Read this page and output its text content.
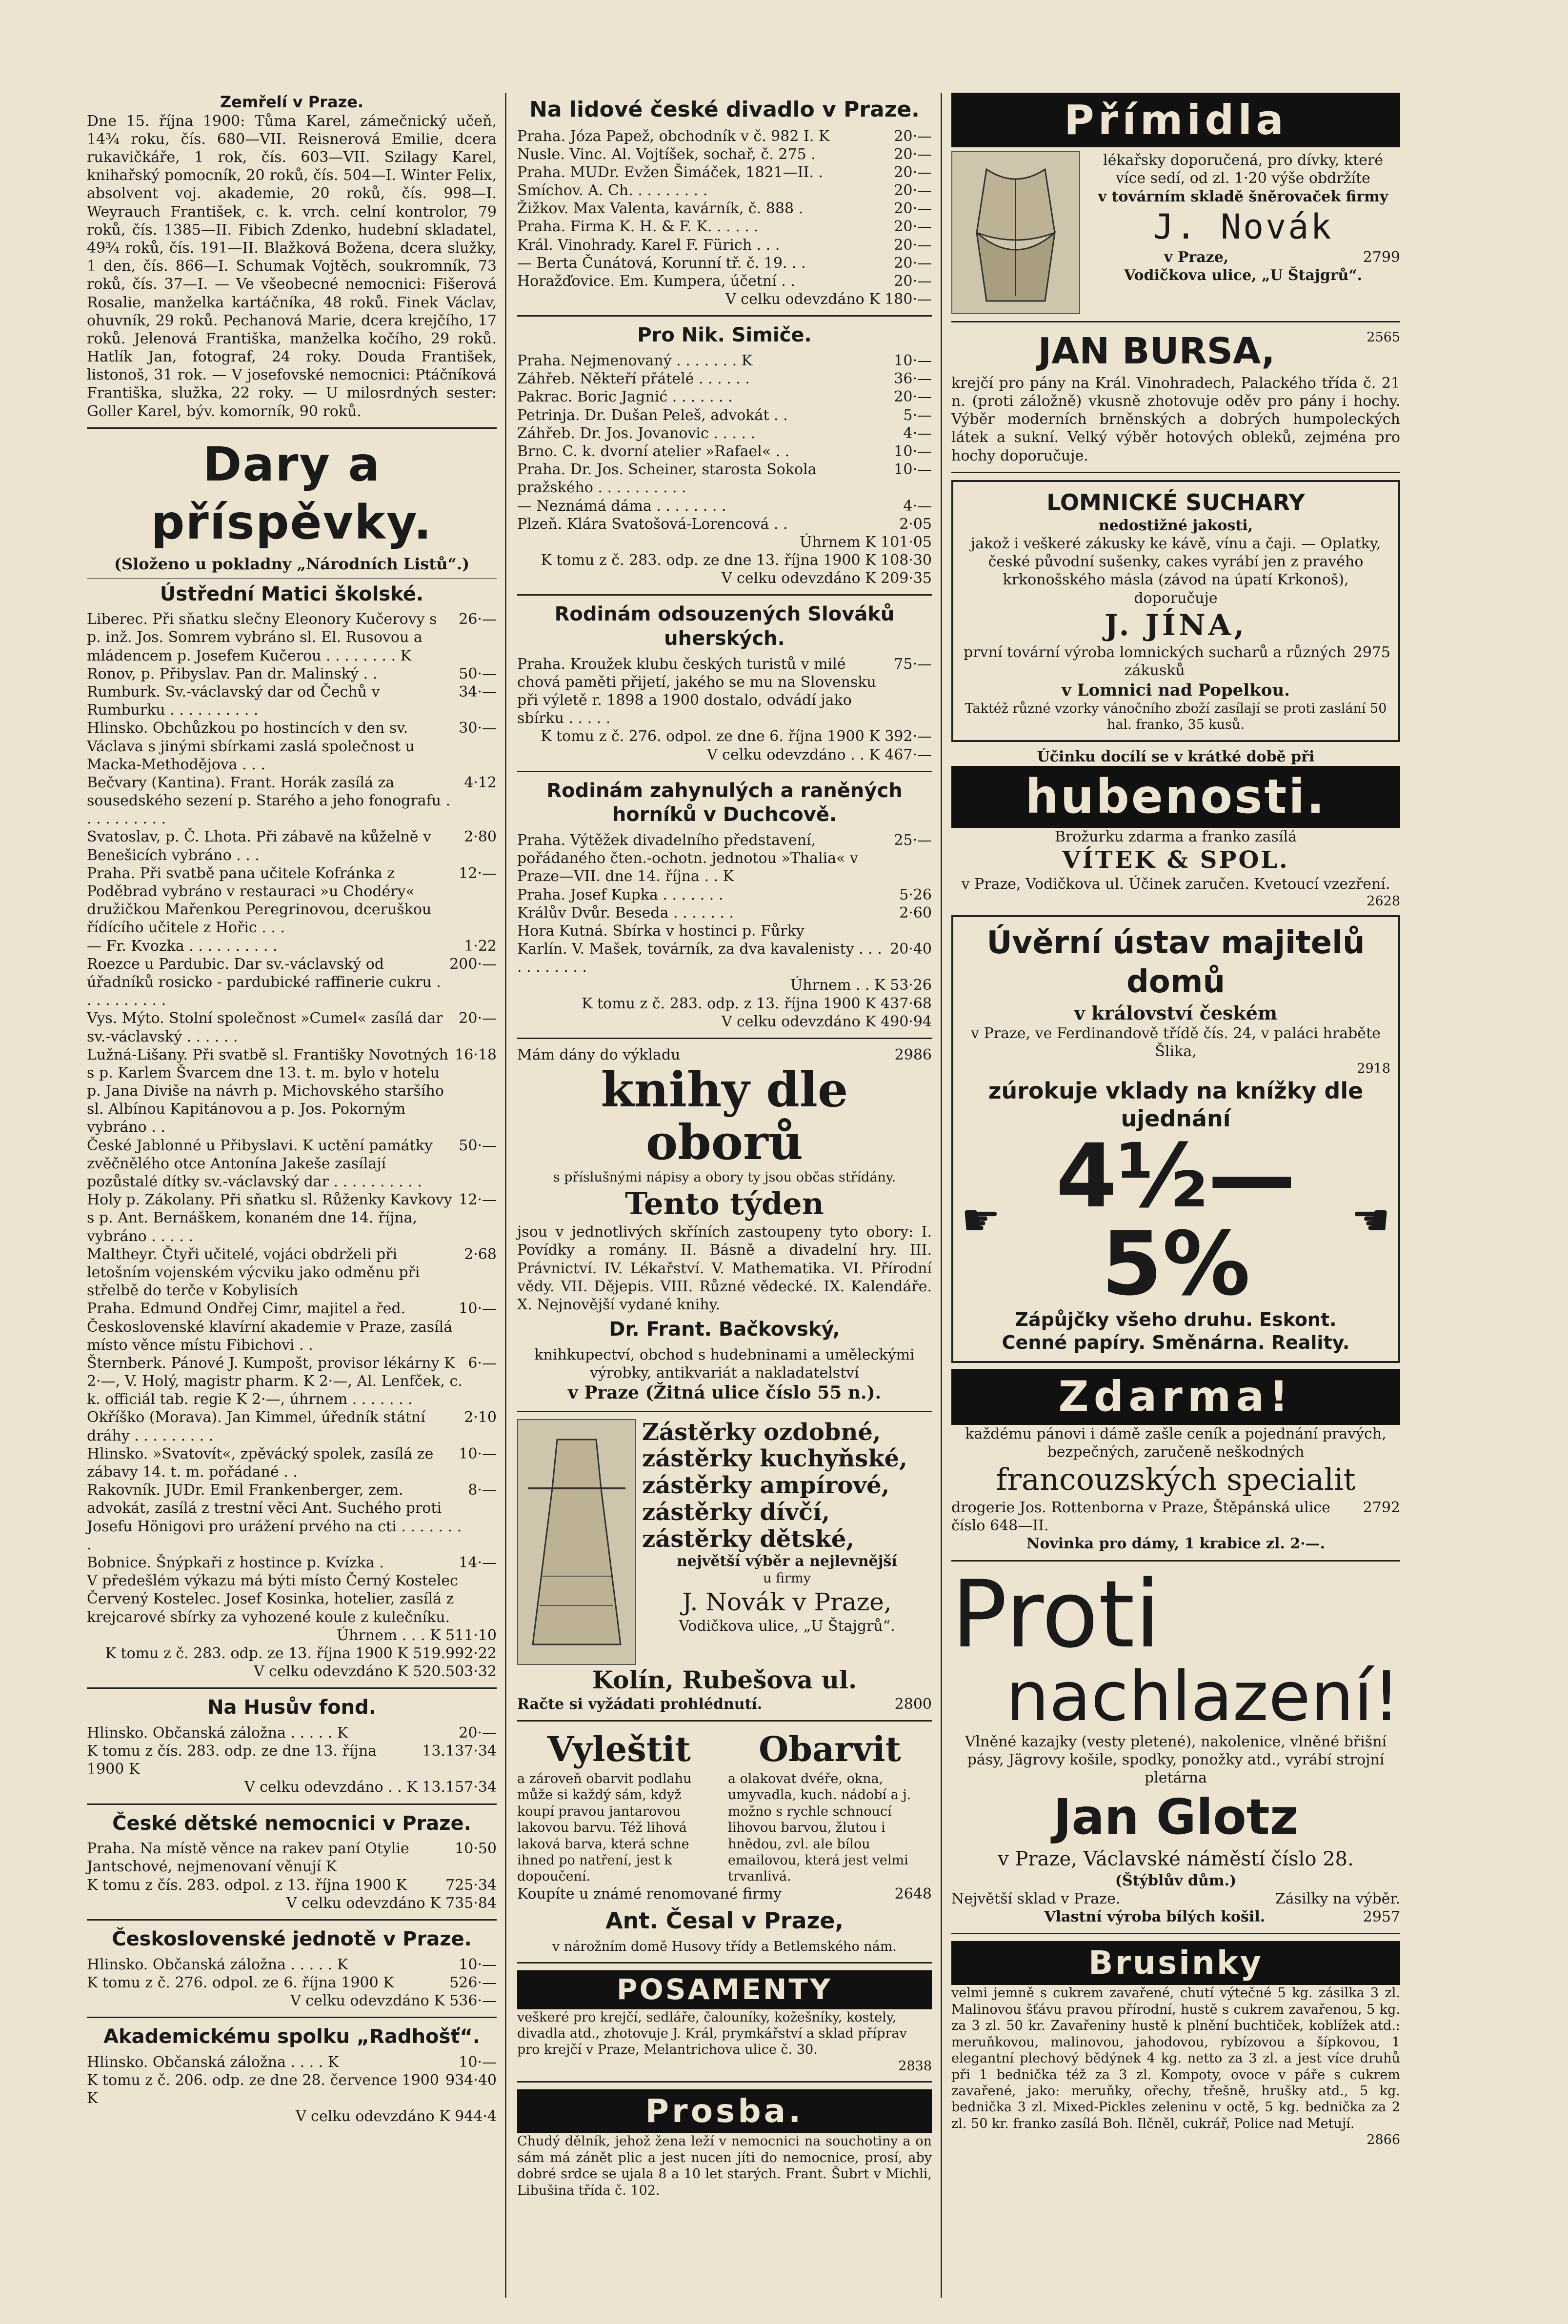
Zemřelí v Praze.
Dne 15. října 1900: Tůma Karel, zámečnický učeň, 14¾ roku, čís. 680—VII. Reisnerová Emilie, dcera rukavičkáře, 1 rok, čís. 603—VII. Szilagy Karel, knihařský pomocník, 20 roků, čís. 504—I. Winter Felix, absolvent voj. akademie, 20 roků, čís. 998—I. Weyrauch František, c. k. vrch. celní kontrolor, 79 roků, čís. 1385—II. Fibich Zdenko, hudební skladatel, 49¾ roků, čís. 191—II. Blažková Božena, dcera služky, 1 den, čís. 866—I. Schumak Vojtěch, soukromník, 73 roků, čís. 37—I. — Ve všeobecné nemocnici: Fišerová Rosalie, manželka kartáčníka, 48 roků. Finek Václav, ohuvník, 29 roků. Pechanová Marie, dcera krejčího, 17 roků. Jelenová Františka, manželka kočího, 29 roků. Hatlík Jan, fotograf, 24 roky. Douda František, listonoš, 31 rok. — V josefovské nemocnici: Ptáčníková Františka, služka, 22 roky. — U milosrdných sester: Goller Karel, býv. komorník, 90 roků.
Dary a příspěvky.
(Složeno u pokladny „Národních Listů“.)
Ústřední Matici školské.
Liberec. Při sňatku slečny Eleonory Kučerovy s p. inž. Jos. Somrem vybráno sl. El. Rusovou a mládencem p. Josefem Kučerou . . . . . . . . K
26·—
Ronov, p. Přibyslav. Pan dr. Malinský . .	50·—
Rumburk. Sv.-václavský dar od Čechů v Rumburku . . . . . . . . . .
34·—
Hlinsko. Obchůzkou po hostincích v den sv. Václava s jinými sbírkami zaslá společnost u Macka-Methodějova . . .
30·—
Bečvary (Kantina). Frant. Horák zasílá za sousedského sezení p. Starého a jeho fonografu . . . . . . . . . .
4·12
Svatoslav, p. Č. Lhota. Při zábavě na kůželně v Benešicích vybráno . . .
2·80
Praha. Při svatbě pana učitele Kofránka z Poděbrad vybráno v restauraci »u Chodéry« družičkou Mařenkou Peregrinovou, dceruškou řídícího učitele z Hořic . . .
12·—
— Fr. Kvozka . . . . . . . . . .	1·22
Roezce u Pardubic. Dar sv.-václavský od úřadníků rosicko - pardubické raffinerie cukru . . . . . . . . . .
200·—
Vys. Mýto. Stolní společnost »Cumel« zasílá dar sv.-václavský . . . . . .
20·—
Lužná-Lišany. Při svatbě sl. Františky Novotných s p. Karlem Švarcem dne 13. t. m. bylo v hotelu p. Jana Diviše na návrh p. Michovského staršího sl. Albínou Kapitánovou a p. Jos. Pokorným vybráno . .
16·18
České Jablonné u Přibyslavi. K uctění památky zvěčnělého otce Antonína Jakeše zasílají pozůstalé dítky sv.-václavský dar . . . . . . . . . .
50·—
Holy p. Zákolany. Při sňatku sl. Růženky Kavkovy s p. Ant. Bernáškem, konaném dne 14. října, vybráno . . . . .
12·—
Maltheyr. Čtyři učitelé, vojáci obdrželi při letošním vojenském výcviku jako odměnu při střelbě do terče v Kobylisích
2·68
Praha. Edmund Ondřej Cimr, majitel a řed. Československé klavírní akademie v Praze, zasílá místo věnce místu Fibichovi . .
10·—
Šternberk. Pánové J. Kumpošt, provisor lékárny K 2·—, V. Holý, magistr pharm. K 2·—, Al. Lenfček, c. k. officiál tab. regie K 2·—, úhrnem . . . . . . .
6·—
Okříško (Morava). Jan Kimmel, úředník státní dráhy . . . . . . . . .
2·10
Hlinsko. »Svatovít«, zpěvácký spolek, zasílá ze zábavy 14. t. m. pořádané . .
10·—
Rakovník. JUDr. Emil Frankenberger, zem. advokát, zasílá z trestní věci Ant. Suchého proti Josefu Hönigovi pro urážení prvého na cti . . . . . . . .
8·—
Bobnice. Šnýpkaři z hostince p. Kvízka .	14·—
V předešlém výkazu má býti místo Černý Kostelec Červený Kostelec. Josef Kosinka, hotelier, zasílá z krejcarové sbírky za vyhozené koule z kulečníku.
Úhrnem . . . K 511·10
K tomu z č. 283. odp. ze 13. října 1900 K 519.992·22
V celku odevzdáno K 520.503·32
Na Husův fond.
Hlinsko. Občanská záložna . . . . . K	20·—
K tomu z čís. 283. odp. ze dne 13. října 1900 K
13.137·34
V celku odevzdáno . . K 13.157·34
České dětské nemocnici v Praze.
Praha. Na místě věnce na rakev paní Otylie Jantschové, nejmenovaní věnují K
10·50
K tomu z čís. 283. odpol. z 13. října 1900 K	725·34
V celku odevzdáno K 735·84
Československé jednotě v Praze.
Hlinsko. Občanská záložna . . . . . K	10·—
K tomu z č. 276. odpol. ze 6. října 1900 K	526·—
V celku odevzdáno K 536·—
Akademickému spolku „Radhošť“.
Hlinsko. Občanská záložna . . . . K	10·—
K tomu z č. 206. odp. ze dne 28. července 1900 K
934·40
V celku odevzdáno K 944·4
Na lidové české divadlo v Praze.
Praha. Józa Papež, obchodník v č. 982 I. K	20·—
Nusle. Vinc. Al. Vojtíšek, sochař, č. 275 .	20·—
Praha. MUDr. Evžen Šimáček, 1821—II. .	20·—
Smíchov. A. Ch. . . . . . . . .	20·—
Žižkov. Max Valenta, kavárník, č. 888 .	20·—
Praha. Firma K. H. & F. K. . . . . .	20·—
Král. Vinohrady. Karel F. Fürich . . .	20·—
— Berta Čunátová, Korunní tř. č. 19. . .	20·—
Horažďovice. Em. Kumpera, účetní . .	20·—
V celku odevzdáno K 180·—
Pro Nik. Simiče.
Praha. Nejmenovaný . . . . . . . K	10·—
Záhřeb. Někteří přátelé . . . . . .	36·—
Pakrac. Boric Jagnić . . . . . . .	20·—
Petrinja. Dr. Dušan Peleš, advokát . .	5·—
Záhřeb. Dr. Jos. Jovanovic . . . . .	4·—
Brno. C. k. dvorní atelier »Rafael« . .	10·—
Praha. Dr. Jos. Scheiner, starosta Sokola pražského . . . . . . . . . .
10·—
— Neznámá dáma . . . . . . . .	4·—
Plzeň. Klára Svatošová-Lorencová . .	2·05
Úhrnem K 101·05
K tomu z č. 283. odp. ze dne 13. října 1900 K 108·30
V celku odevzdáno K 209·35
Rodinám odsouzených Slováků uherských.
Praha. Kroužek klubu českých turistů v milé chová paměti přijetí, jakého se mu na Slovensku při výletě r. 1898 a 1900 dostalo, odvádí jako sbírku . . . . .
75·—
K tomu z č. 276. odpol. ze dne 6. října 1900 K 392·—
V celku odevzdáno . . K 467·—
Rodinám zahynulých a raněných horníků v Duchcově.
Praha. Výtěžek divadelního představení, pořádaného čten.-ochotn. jednotou »Thalia« v Praze—VII. dne 14. října . . K
25·—
Praha. Josef Kupka . . . . . . .	5·26
Králův Dvůr. Beseda . . . . . . .	2·60
Hora Kutná. Sbírka v hostinci p. Fůrky
Karlín. V. Mašek, továrník, za dva kavalenisty . . . . . . . . . . .
20·40
Úhrnem . . K 53·26
K tomu z č. 283. odp. z 13. října 1900 K 437·68
V celku odevzdáno K 490·94
Mám dány do výkladu	2986
knihy dle oborů
s příslušnými nápisy a obory ty jsou občas střídány.
Tento týden
jsou v jednotlivých skříních zastoupeny tyto obory: I. Povídky a romány. II. Básně a divadelní hry. III. Právnictví. IV. Lékařství. V. Mathematika. VI. Přírodní vědy. VII. Dějepis. VIII. Různé vědecké. IX. Kalendáře. X. Nejnovější vydané knihy.
Dr. Frant. Bačkovský,
knihkupectví, obchod s hudebninami a uměleckými výrobky, antikvariát a nakladatelství
v Praze (Žitná ulice číslo 55 n.).
Zástěrky ozdobné,
zástěrky kuchyňské,
zástěrky ampírové,
zástěrky dívčí,
zástěrky dětské,
největší výběr a nejlevnější
u firmy
J. Novák v Praze,
Vodičkova ulice, „U Štajgrů“.
Kolín, Rubešova ul.
Račte si vyžádati prohlédnutí.	2800
Vyleštit
a zároveň obarvit podlahu může si každý sám, když koupí pravou jantarovou lakovou barvu. Též lihová laková barva, která schne ihned po natření, jest k dopoučení.
Obarvit
a olakovat dvéře, okna, umyvadla, kuch. nádobí a j. možno s rychle schnoucí lihovou barvou, žlutou i hnědou, zvl. ale bílou emailovou, která jest velmi trvanlivá.
Koupíte u známé renomované firmy	2648
Ant. Česal v Praze,
v nárožním domě Husovy třídy a Betlemského nám.
POSAMENTY
veškeré pro krejčí, sedláře, čalouníky, kožešníky, kostely, divadla atd., zhotovuje J. Král, prymkářství a sklad příprav pro krejčí v Praze, Melantrichova ulice č. 30.
2838
Prosba.
Chudý dělník, jehož žena leží v nemocnici na souchotiny a on sám má zánět plic a jest nucen jíti do nemocnice, prosí, aby dobré srdce se ujala 8 a 10 let starých. Frant. Šubrt v Michli, Libušina třída č. 102.
Přímidla
lékařsky doporučená, pro dívky, které více sedí, od zl. 1·20 výše obdržíte
v továrním skladě šněrovaček firmy
J. Novák
v Praze,	2799
Vodičkova ulice, „U Štajgrů“.
JAN BURSA,	2565
krejčí pro pány na Král. Vinohradech, Palackého třída č. 21 n. (proti záložně) vkusně zhotovuje oděv pro pány i hochy. Výběr moderních brněnských a dobrých humpoleckých látek a sukní. Velký výběr hotových obleků, zejména pro hochy doporučuje.
LOMNICKÉ SUCHARY
nedostižné jakosti,
jakož i veškeré zákusky ke kávě, vínu a čaji. — Oplatky, české původní sušenky, cakes vyrábí jen z pravého krkonošského másla (závod na úpatí Krkonoš), doporučuje
J. JÍNA,
první tovární výroba lomnických sucharů a různých zákusků
2975
v Lomnici nad Popelkou.
Taktéž různé vzorky vánočního zboží zasílají se proti zaslání 50 hal. franko, 35 kusů.
Účinku docílí se v krátké době při
hubenosti.
Brožurku zdarma a franko zasílá
VÍTEK & SPOL.
v Praze, Vodičkova ul. Účinek zaručen. Kvetoucí vzezření.
2628
Úvěrní ústav majitelů domů
v království českém
v Praze, ve Ferdinandově třídě čís. 24, v paláci hraběte Šlika,
2918
zúrokuje vklady na knížky dle ujednání
☛ 4½—5%	☚
Zápůjčky všeho druhu. Eskont.
Cenné papíry. Směnárna. Reality.
Zdarma!
každému pánovi i dámě zašle ceník a pojednání pravých, bezpečných, zaručeně neškodných
francouzských specialit
drogerie Jos. Rottenborna v Praze, Štěpánská ulice číslo 648—II.
2792
Novinka pro dámy, 1 krabice zl. 2·—.
Proti
nachlazení!
Vlněné kazajky (vesty pletené), nakolenice, vlněné břišní pásy, Jägrovy košile, spodky, ponožky atd., vyrábí strojní pletárna
Jan Glotz
v Praze, Václavské náměstí číslo 28.
(Štýblův dům.)
Největší sklad v Praze.	Zásilky na výběr.
Vlastní výroba bílých košil.	2957
Brusinky
velmi jemně s cukrem zavařené, chutí výtečné 5 kg. zásilka 3 zl. Malinovou šťávu pravou přírodní, hustě s cukrem zavařenou, 5 kg. za 3 zl. 50 kr. Zavařeniny hustě k plnění buchtiček, koblížek atd.: meruňkovou, malinovou, jahodovou, rybízovou a šípkovou, 1 elegantní plechový bědýnek 4 kg. netto za 3 zl. a jest více druhů při 1 bednička též za 3 zl. Kompoty, ovoce v páře s cukrem zavařené, jako: meruňky, ořechy, třešně, hrušky atd., 5 kg. bednička 3 zl. Mixed-Pickles zeleninu v octě, 5 kg. bednička za 2 zl. 50 kr. franko zasílá Boh. Ilčněl, cukrář, Police nad Metují.
2866
